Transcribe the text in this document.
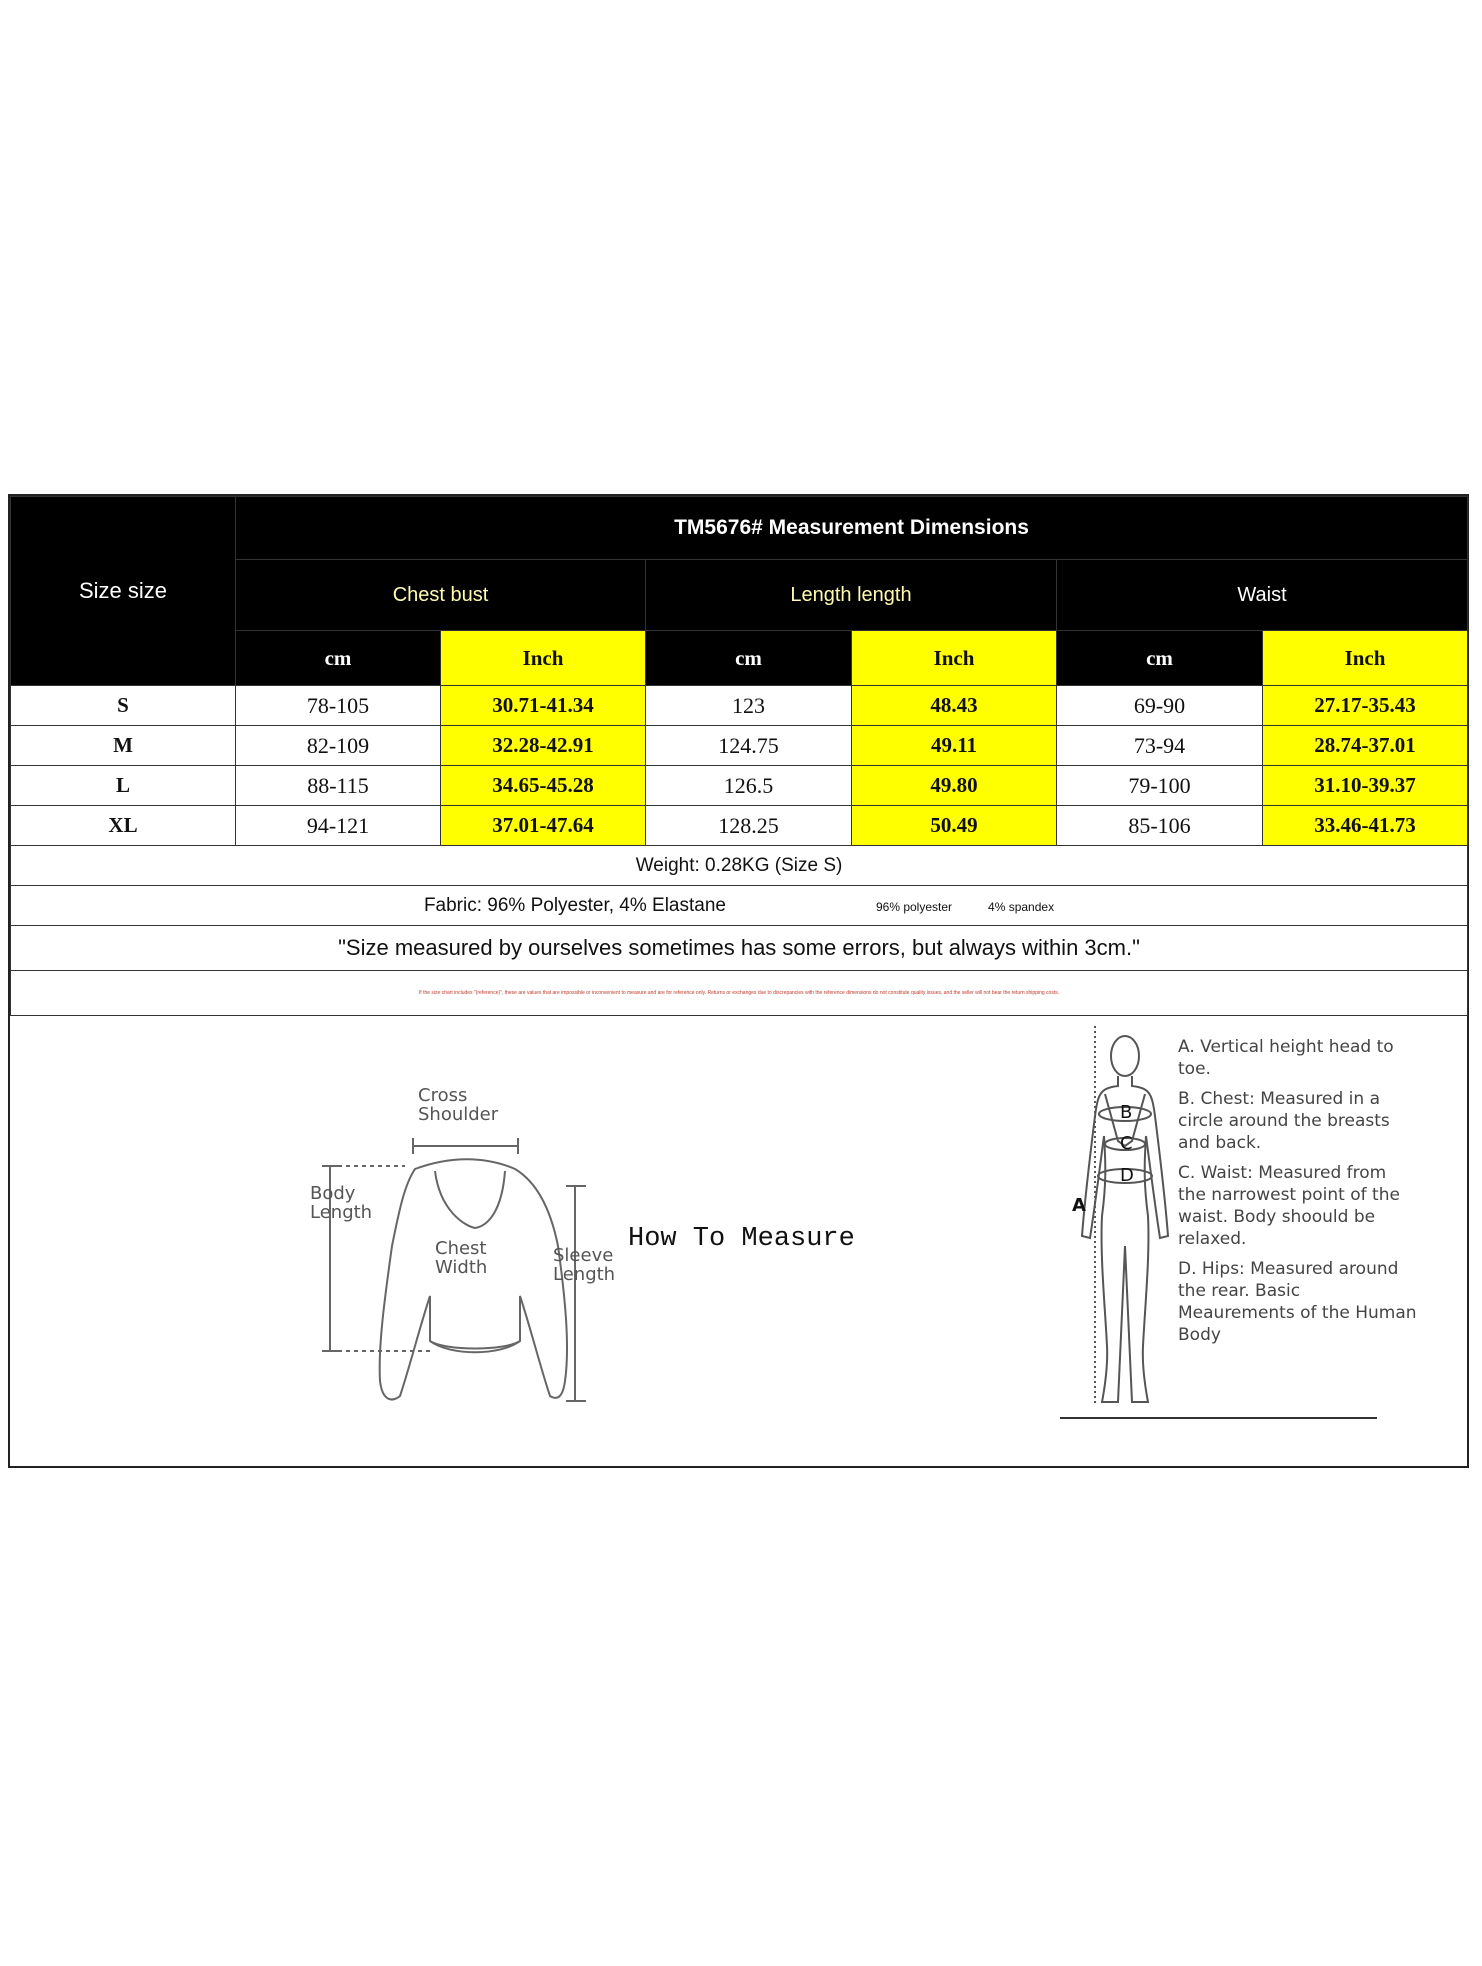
Size size	TM5676# Measurement Dimensions					
	Chest bust		Length length		Waist	
	cm	Inch	cm	Inch	cm	Inch
S	78-105	30.71-41.34	123	48.43	69-90	27.17-35.43
M	82-109	32.28-42.91	124.75	49.11	73-94	28.74-37.01
L	88-115	34.65-45.28	126.5	49.80	79-100	31.10-39.37
XL	94-121	37.01-47.64	128.25	50.49	85-106	33.46-41.73
Weight: 0.28KG (Size S)						
Fabric: 96% Polyester, 4% Elastane 96% polyester 4% spandex						
"Size measured by ourselves sometimes has some errors, but always within 3cm."						
If the size chart includes "(reference)", these are values that are impossible or inconvenient to measure and are for reference only. Returns or exchanges due to discrepancies with the reference dimensions do not constitute quality issues, and the seller will not bear the return shipping costs.						
How To Measure
Cross
Shoulder
Body
Length
Chest
Width
Sleeve
Length
A
B
C
D
A. Vertical height head to toe.
B. Chest: Measured in a circle around the breasts and back.
C. Waist: Measured from the narrowest point of the waist. Body shoould be relaxed.
D. Hips: Measured around the rear. Basic Meaurements of the Human Body
